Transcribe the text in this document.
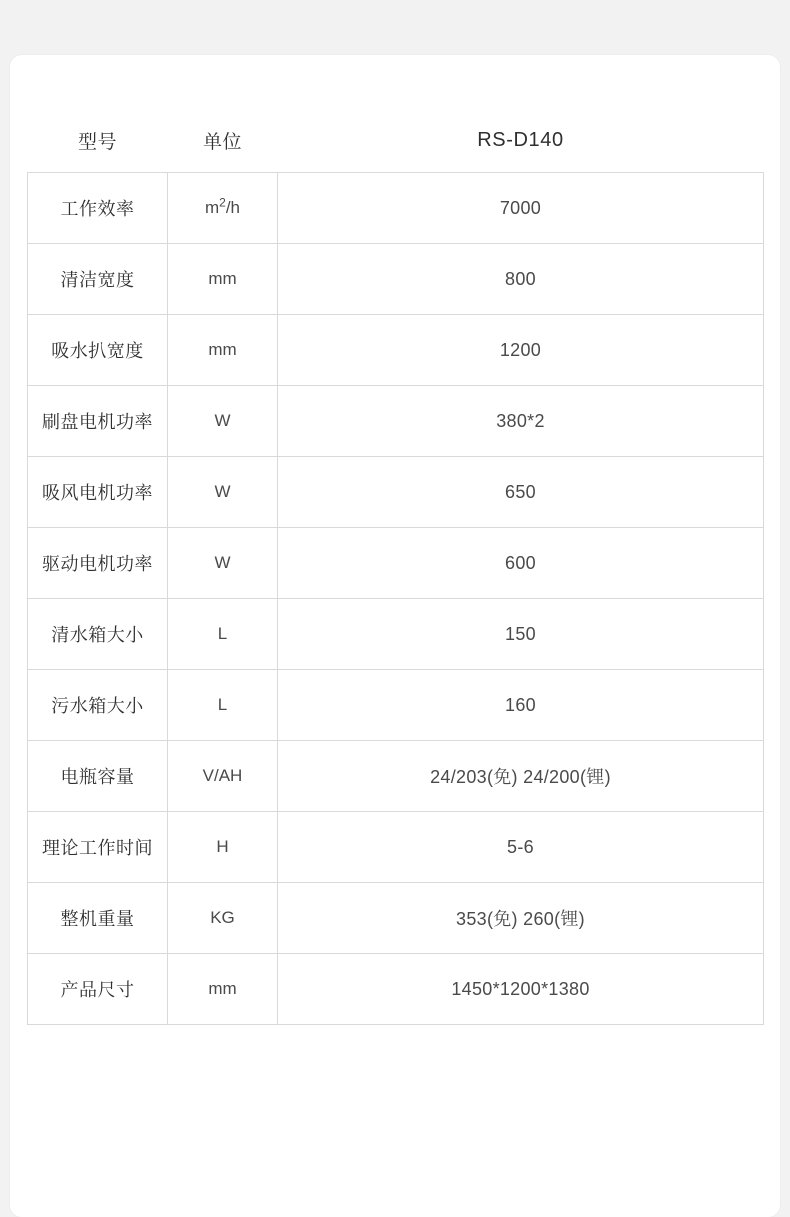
型号	单位	RS-D140
工作效率	$m^2/h$	7000
清洁宽度	mm	800
吸水扒宽度	mm	1200
刷盘电机功率	W	380*2
吸风电机功率	W	650
驱动电机功率	W	600
清水箱大小	L	150
污水箱大小	L	160
电瓶容量	V/AH	24/203(免) 24/200(锂)
理论工作时间	H	5-6
整机重量	KG	353(免) 260(锂)
产品尺寸	mm	1450*1200*1380
